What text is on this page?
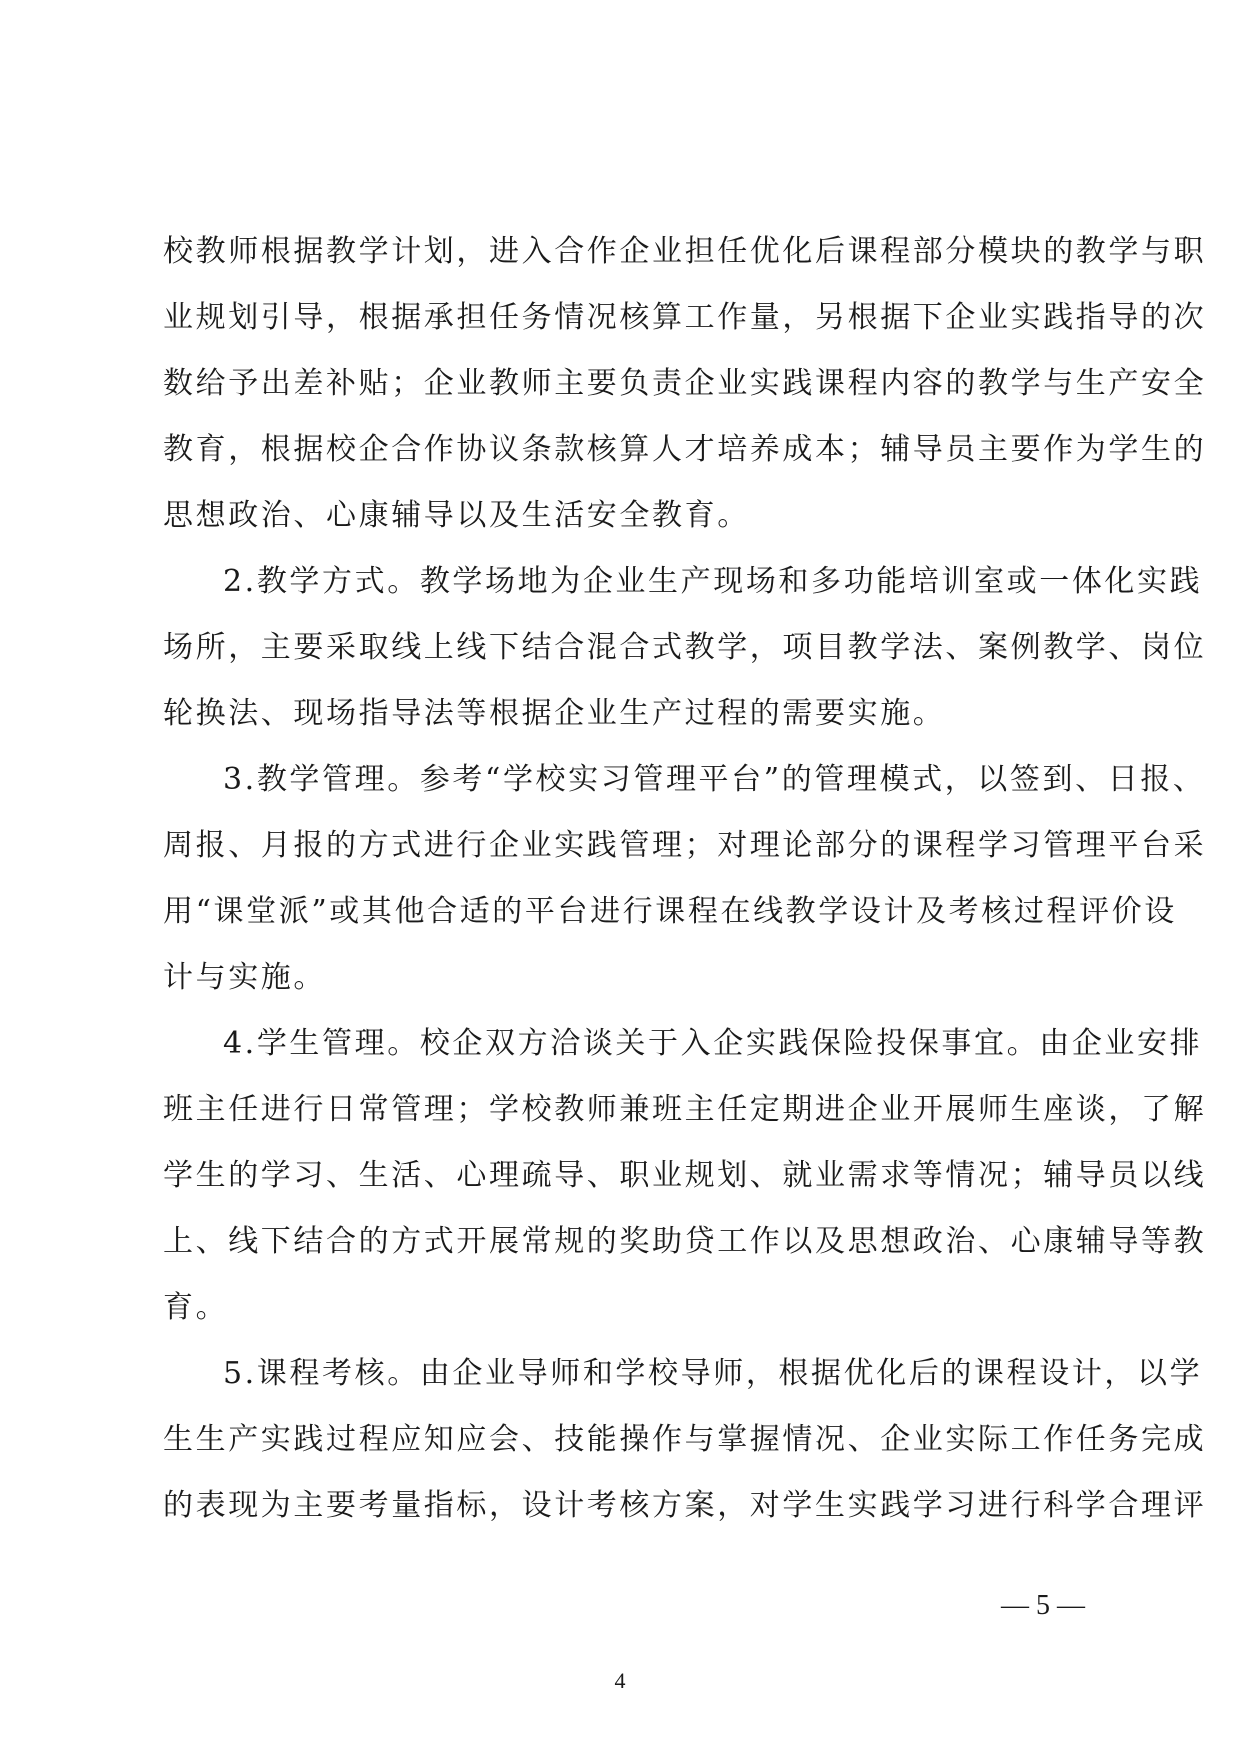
校教师根据教学计划，进入合作企业担任优化后课程部分模块的教学与职
业规划引导，根据承担任务情况核算工作量，另根据下企业实践指导的次
数给予出差补贴；企业教师主要负责企业实践课程内容的教学与生产安全
教育，根据校企合作协议条款核算人才培养成本；辅导员主要作为学生的
思想政治、心康辅导以及生活安全教育。

2.教学方式。教学场地为企业生产现场和多功能培训室或一体化实践
场所，主要采取线上线下结合混合式教学，项目教学法、案例教学、岗位
轮换法、现场指导法等根据企业生产过程的需要实施。

3.教学管理。参考“学校实习管理平台”的管理模式，以签到、日报、
周报、月报的方式进行企业实践管理；对理论部分的课程学习管理平台采
用“课堂派”或其他合适的平台进行课程在线教学设计及考核过程评价设
计与实施。

4.学生管理。校企双方洽谈关于入企实践保险投保事宜。由企业安排
班主任进行日常管理；学校教师兼班主任定期进企业开展师生座谈，了解
学生的学习、生活、心理疏导、职业规划、就业需求等情况；辅导员以线
上、线下结合的方式开展常规的奖助贷工作以及思想政治、心康辅导等教
育。

5.课程考核。由企业导师和学校导师，根据优化后的课程设计，以学
生生产实践过程应知应会、技能操作与掌握情况、企业实际工作任务完成
的表现为主要考量指标，设计考核方案，对学生实践学习进行科学合理评

— 5 —
4
